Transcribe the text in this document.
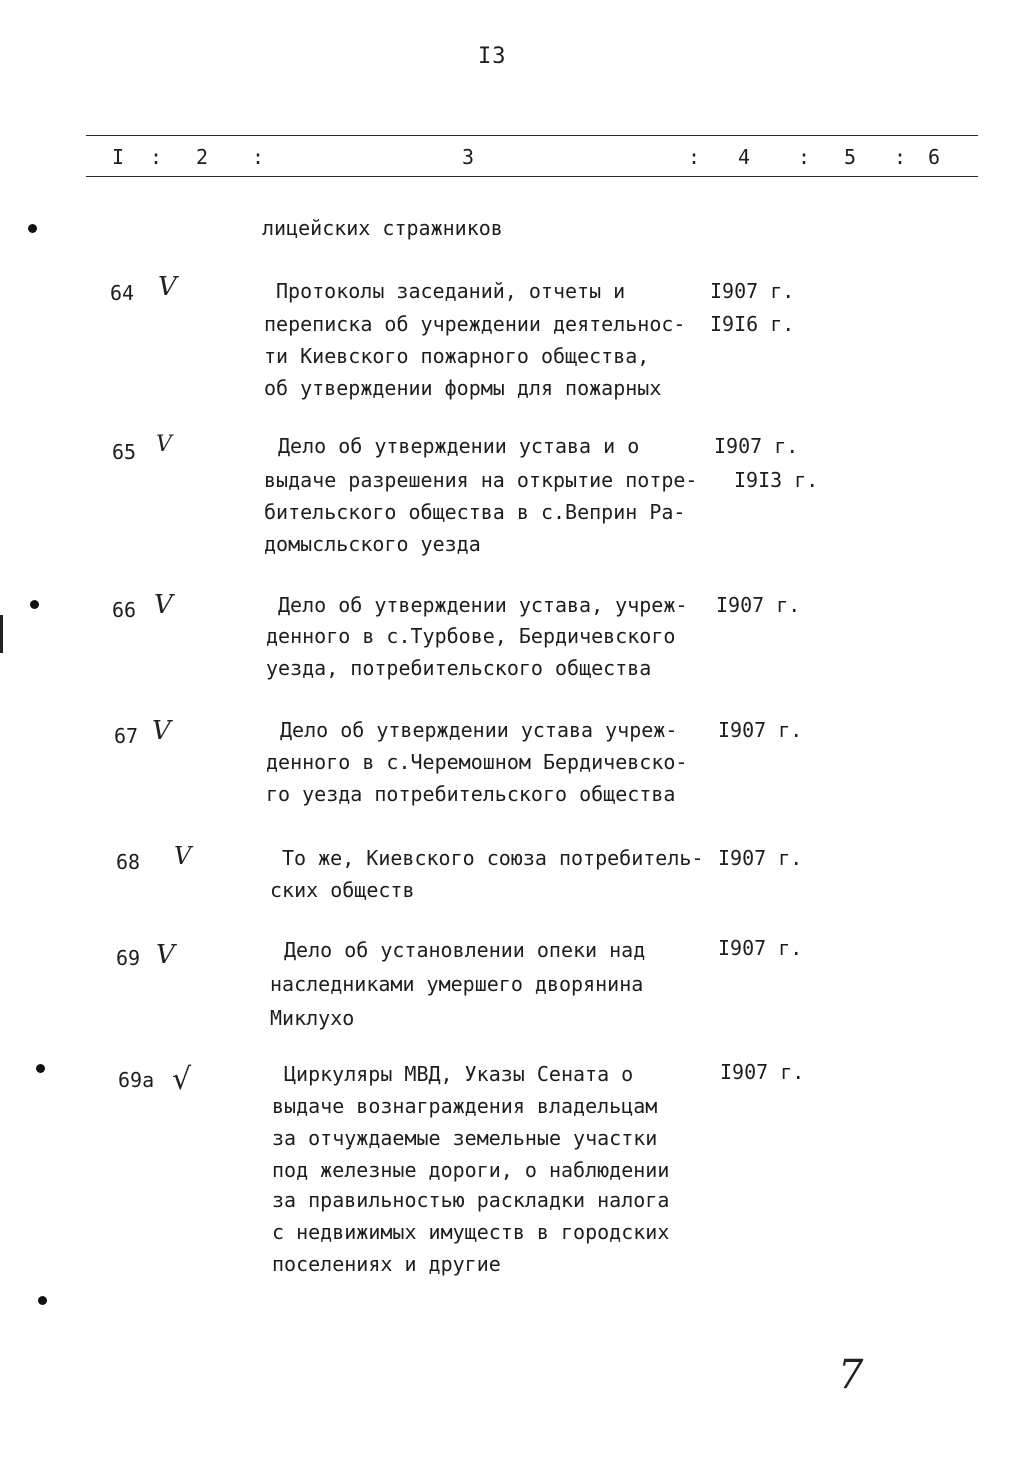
I3
I : 2 :	3	: 4 : 5 : 6
лицейских стражников
64 V	Протоколы заседаний, отчеты и
переписка об учреждении деятельнос-
ти Киевского пожарного общества,
об утверждении формы для пожарных
I907 г.
I9I6 г.
65 V	Дело об утверждении устава и о
выдаче разрешения на открытие потре-
бительского общества в с.Веприн Ра-
домысльского уезда
I907 г.
I9I3 г.
66 V	Дело об утверждении устава, учреж-
денного в с.Турбове, Бердичевского
уезда, потребительского общества
I907 г.
67 V	Дело об утверждении устава учреж-
денного в с.Черемошном Бердичевско-
го уезда потребительского общества
I907 г.
68 V	То же, Киевского союза потребитель-
ских обществ
I907 г.
69 V	Дело об установлении опеки над
наследниками умершего дворянина
Миклухо
I907 г.
69а √	Циркуляры МВД, Указы Сената о
выдаче вознаграждения владельцам
за отчуждаемые земельные участки
под железные дороги, о наблюдении
за правильностью раскладки налога
с недвижимых имуществ в городских
поселениях и другие
I907 г.
7
